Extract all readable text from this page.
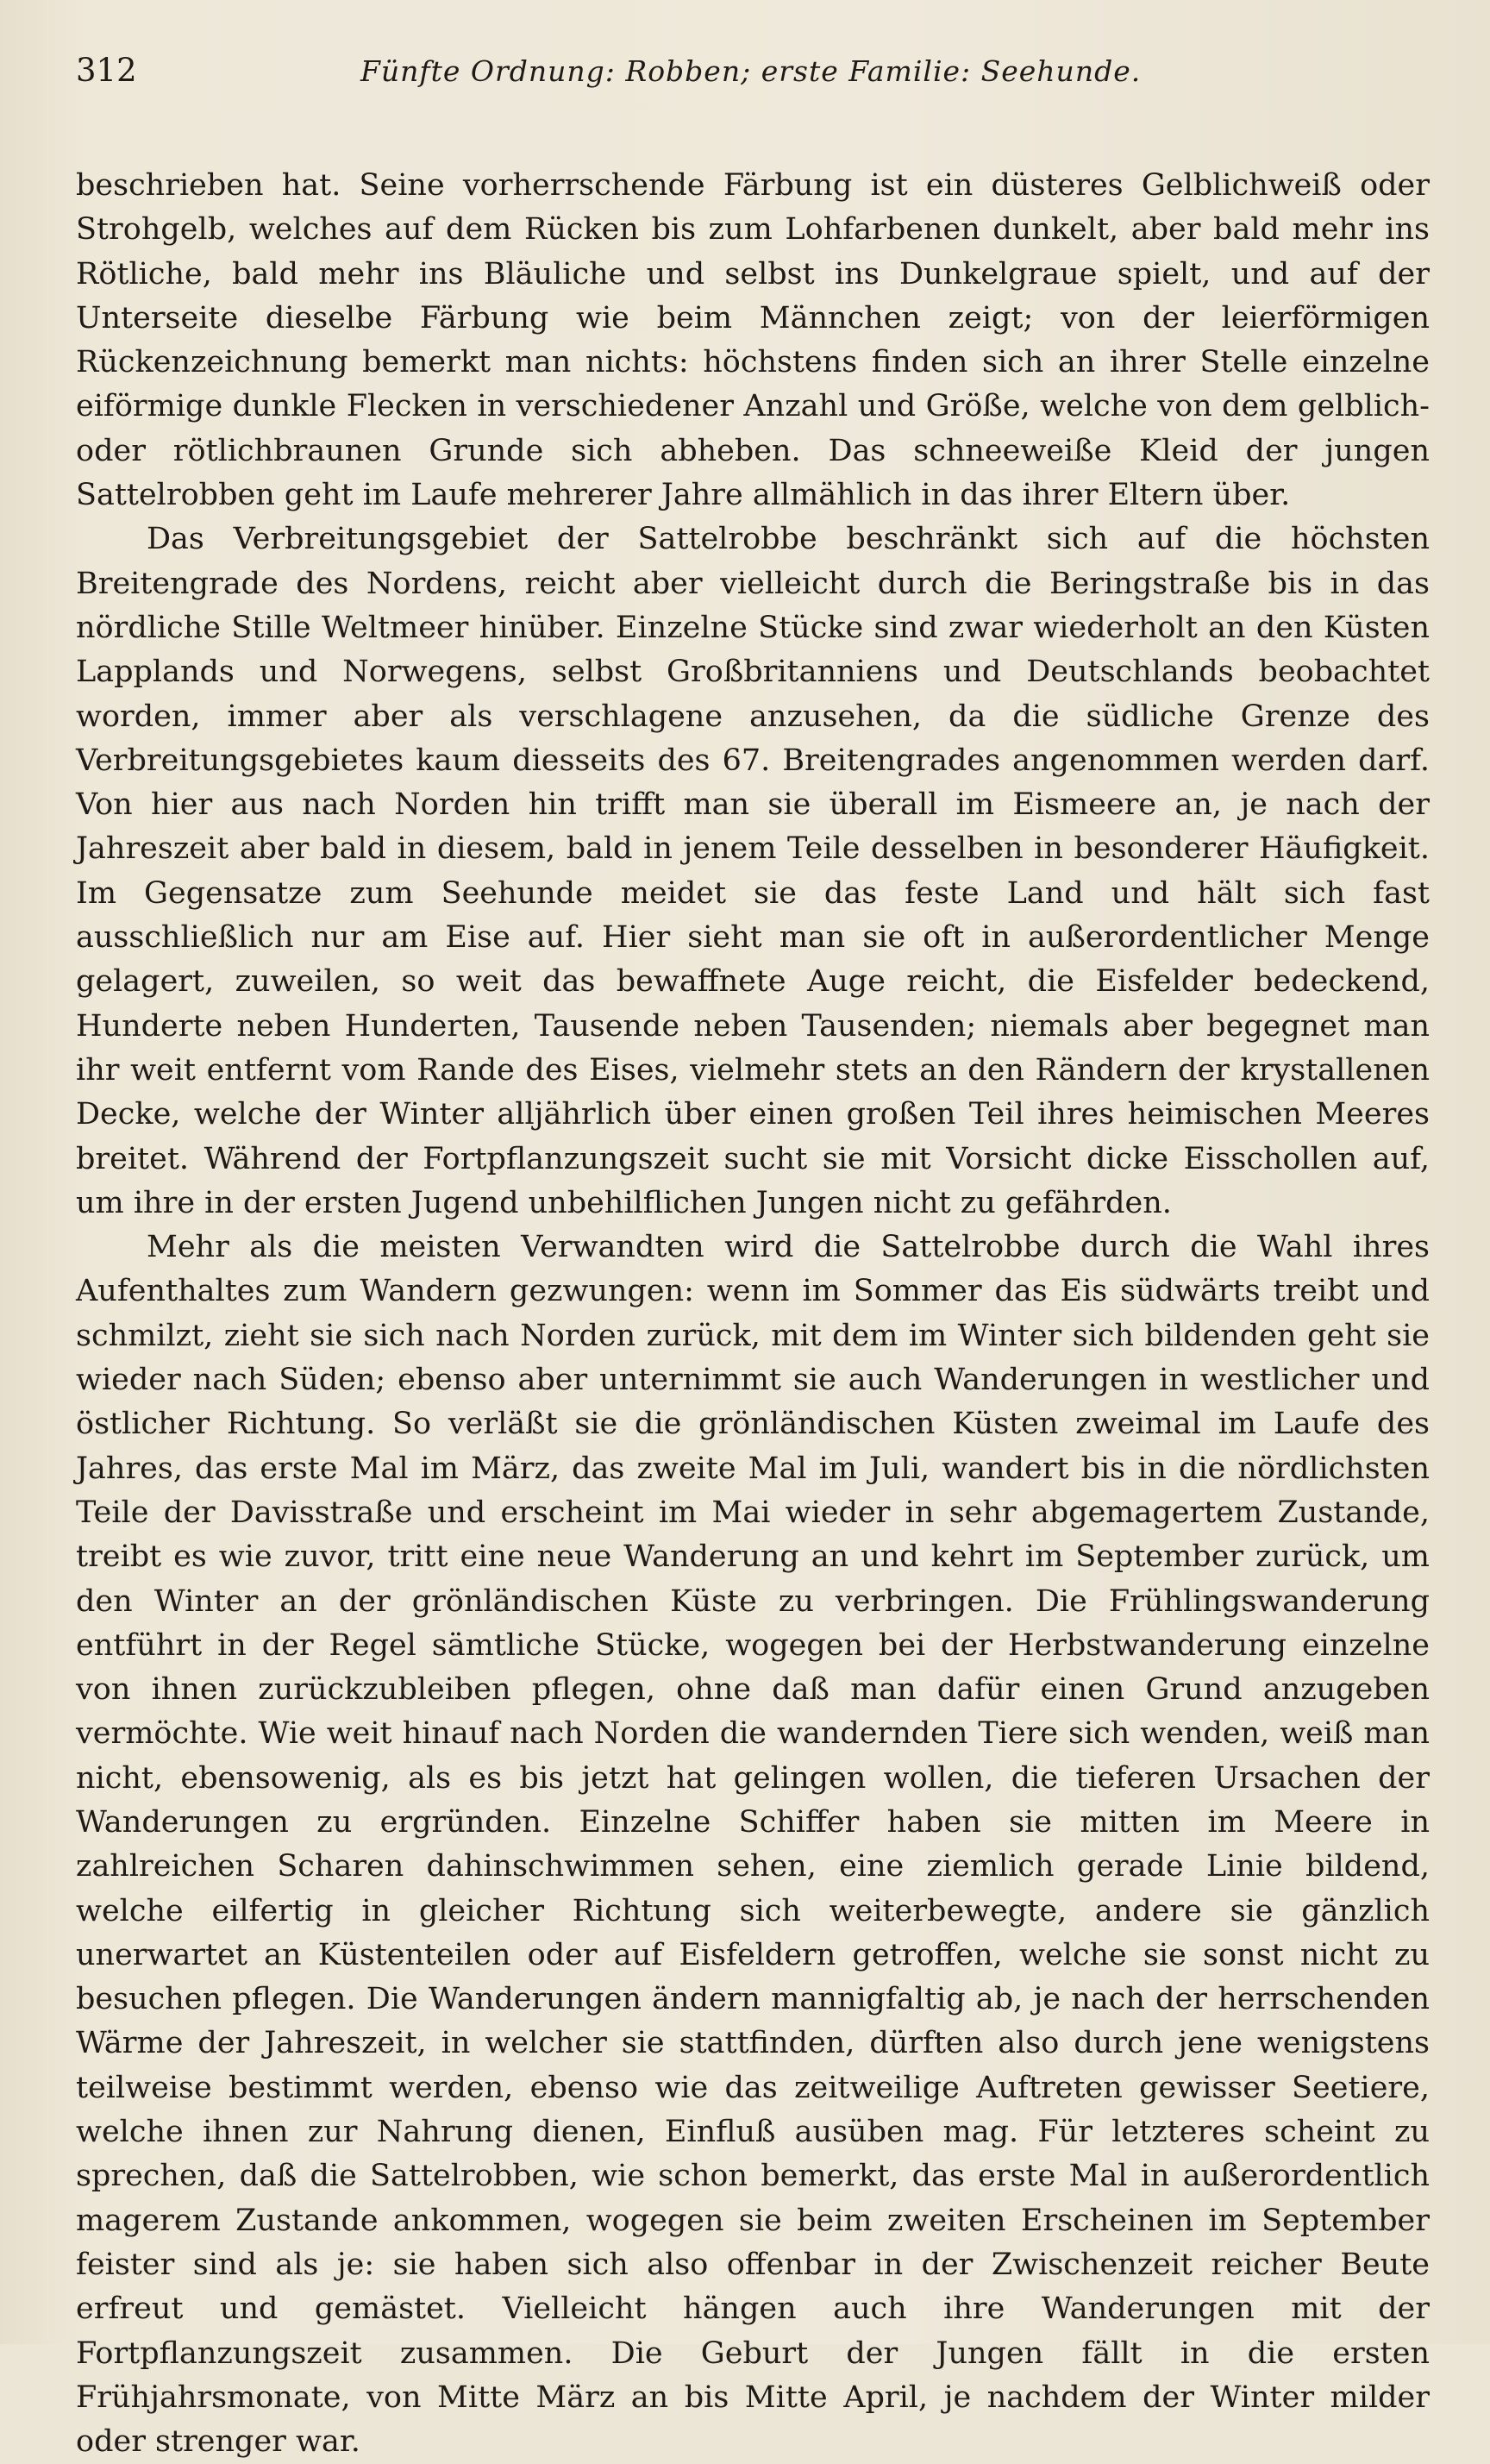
312	Fünfte Ordnung: Robben; erste Familie: Seehunde.

beschrieben hat. Seine vorherrschende Färbung ist ein düsteres Gelblichweiß oder Strohgelb, welches auf dem Rücken bis zum Lohfarbenen dunkelt, aber bald mehr ins Rötliche, bald mehr ins Bläuliche und selbst ins Dunkelgraue spielt, und auf der Unterseite dieselbe Färbung wie beim Männchen zeigt; von der leierförmigen Rückenzeichnung bemerkt man nichts: höchstens finden sich an ihrer Stelle einzelne eiförmige dunkle Flecken in verschiedener Anzahl und Größe, welche von dem gelblich- oder rötlichbraunen Grunde sich abheben. Das schneeweiße Kleid der jungen Sattelrobben geht im Laufe mehrerer Jahre allmählich in das ihrer Eltern über.

Das Verbreitungsgebiet der Sattelrobbe beschränkt sich auf die höchsten Breitengrade des Nordens, reicht aber vielleicht durch die Beringstraße bis in das nördliche Stille Weltmeer hinüber. Einzelne Stücke sind zwar wiederholt an den Küsten Lapplands und Norwegens, selbst Großbritanniens und Deutschlands beobachtet worden, immer aber als verschlagene anzusehen, da die südliche Grenze des Verbreitungsgebietes kaum diesseits des 67. Breitengrades angenommen werden darf. Von hier aus nach Norden hin trifft man sie überall im Eismeere an, je nach der Jahreszeit aber bald in diesem, bald in jenem Teile desselben in besonderer Häufigkeit. Im Gegensatze zum Seehunde meidet sie das feste Land und hält sich fast ausschließlich nur am Eise auf. Hier sieht man sie oft in außerordentlicher Menge gelagert, zuweilen, so weit das bewaffnete Auge reicht, die Eisfelder bedeckend, Hunderte neben Hunderten, Tausende neben Tausenden; niemals aber begegnet man ihr weit entfernt vom Rande des Eises, vielmehr stets an den Rändern der krystallenen Decke, welche der Winter alljährlich über einen großen Teil ihres heimischen Meeres breitet. Während der Fortpflanzungszeit sucht sie mit Vorsicht dicke Eisschollen auf, um ihre in der ersten Jugend unbehilflichen Jungen nicht zu gefährden.

Mehr als die meisten Verwandten wird die Sattelrobbe durch die Wahl ihres Aufenthaltes zum Wandern gezwungen: wenn im Sommer das Eis südwärts treibt und schmilzt, zieht sie sich nach Norden zurück, mit dem im Winter sich bildenden geht sie wieder nach Süden; ebenso aber unternimmt sie auch Wanderungen in westlicher und östlicher Richtung. So verläßt sie die grönländischen Küsten zweimal im Laufe des Jahres, das erste Mal im März, das zweite Mal im Juli, wandert bis in die nördlichsten Teile der Davisstraße und erscheint im Mai wieder in sehr abgemagertem Zustande, treibt es wie zuvor, tritt eine neue Wanderung an und kehrt im September zurück, um den Winter an der grönländischen Küste zu verbringen. Die Frühlingswanderung entführt in der Regel sämtliche Stücke, wogegen bei der Herbstwanderung einzelne von ihnen zurückzubleiben pflegen, ohne daß man dafür einen Grund anzugeben vermöchte. Wie weit hinauf nach Norden die wandernden Tiere sich wenden, weiß man nicht, ebensowenig, als es bis jetzt hat gelingen wollen, die tieferen Ursachen der Wanderungen zu ergründen. Einzelne Schiffer haben sie mitten im Meere in zahlreichen Scharen dahinschwimmen sehen, eine ziemlich gerade Linie bildend, welche eilfertig in gleicher Richtung sich weiterbewegte, andere sie gänzlich unerwartet an Küstenteilen oder auf Eisfeldern getroffen, welche sie sonst nicht zu besuchen pflegen. Die Wanderungen ändern mannigfaltig ab, je nach der herrschenden Wärme der Jahreszeit, in welcher sie stattfinden, dürften also durch jene wenigstens teilweise bestimmt werden, ebenso wie das zeitweilige Auftreten gewisser Seetiere, welche ihnen zur Nahrung dienen, Einfluß ausüben mag. Für letzteres scheint zu sprechen, daß die Sattelrobben, wie schon bemerkt, das erste Mal in außerordentlich magerem Zustande ankommen, wogegen sie beim zweiten Erscheinen im September feister sind als je: sie haben sich also offenbar in der Zwischenzeit reicher Beute erfreut und gemästet. Vielleicht hängen auch ihre Wanderungen mit der Fortpflanzungszeit zusammen. Die Geburt der Jungen fällt in die ersten Frühjahrsmonate, von Mitte März an bis Mitte April, je nachdem der Winter milder oder strenger war.
